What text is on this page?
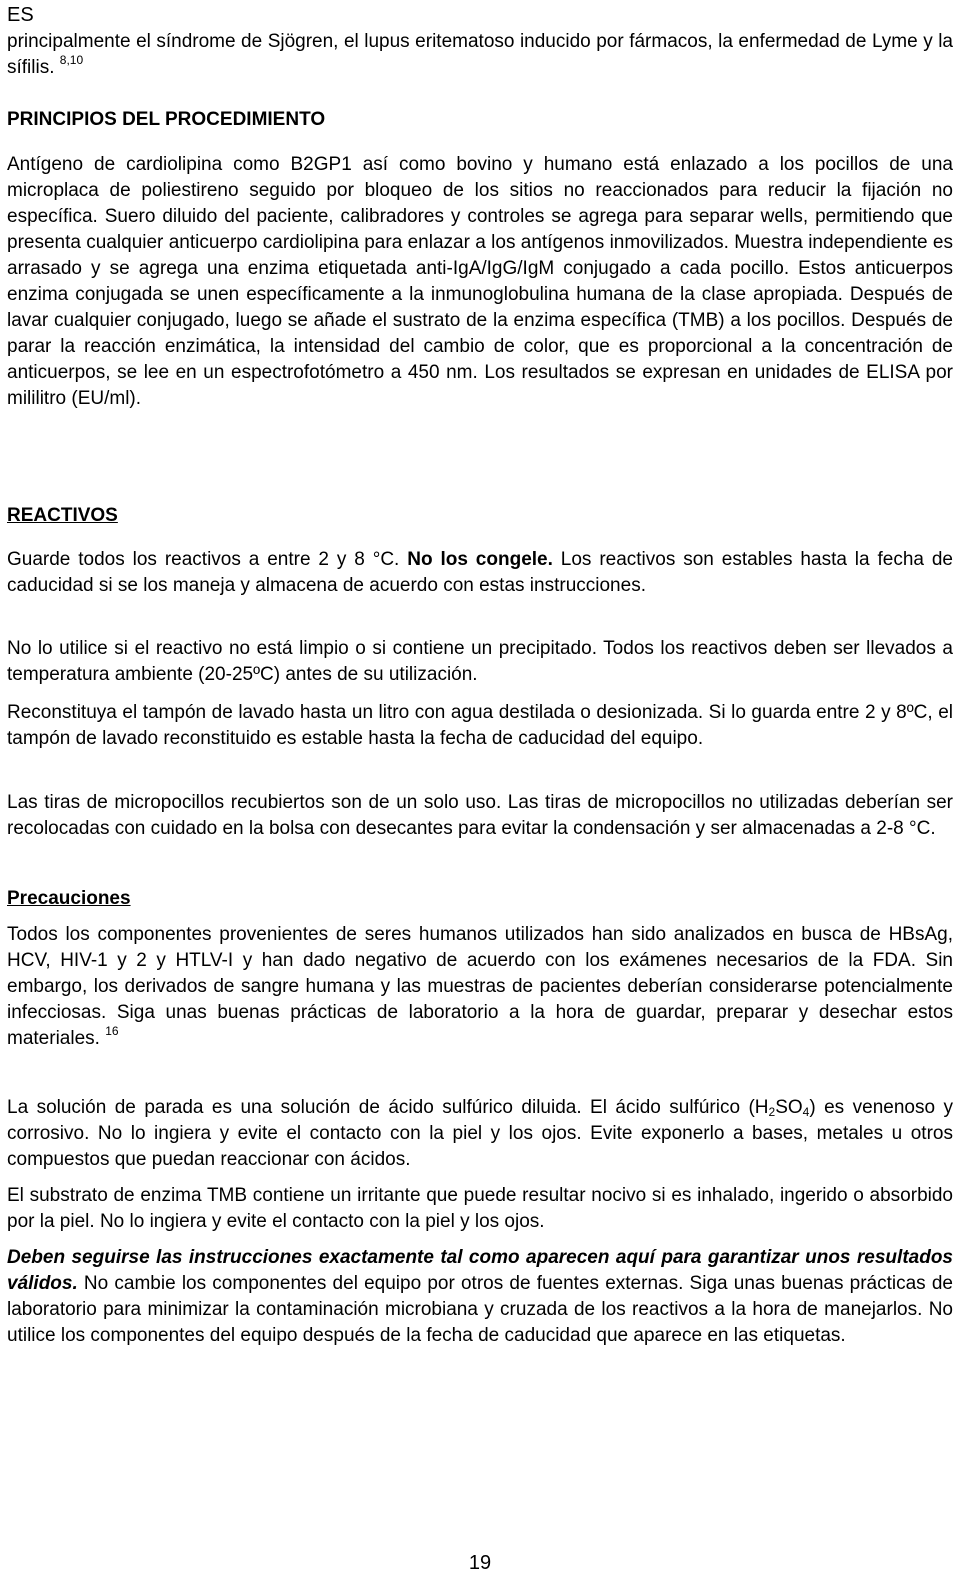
ES

principalmente el síndrome de Sjögren, el lupus eritematoso inducido por fármacos, la enfermedad de Lyme y la sífilis. $^{8,10}$

PRINCIPIOS DEL PROCEDIMIENTO

Antígeno de cardiolipina como B2GP1 así como bovino y humano está enlazado a los pocillos de una microplaca de poliestireno seguido por bloqueo de los sitios no reaccionados para reducir la fijación no específica. Suero diluido del paciente, calibradores y controles se agrega para separar wells, permitiendo que presenta cualquier anticuerpo cardiolipina para enlazar a los antígenos inmovilizados. Muestra independiente es arrasado y se agrega una enzima etiquetada anti-IgA/IgG/IgM conjugado a cada pocillo. Estos anticuerpos enzima conjugada se unen específicamente a la inmunoglobulina humana de la clase apropiada. Después de lavar cualquier conjugado, luego se añade el sustrato de la enzima específica (TMB) a los pocillos. Después de parar la reacción enzimática, la intensidad del cambio de color, que es proporcional a la concentración de anticuerpos, se lee en un espectrofotómetro a 450 nm. Los resultados se expresan en unidades de ELISA por mililitro (EU/ml).

REACTIVOS

Guarde todos los reactivos a entre 2 y 8 °C. No los congele. Los reactivos son estables hasta la fecha de caducidad si se los maneja y almacena de acuerdo con estas instrucciones.

No lo utilice si el reactivo no está limpio o si contiene un precipitado. Todos los reactivos deben ser llevados a temperatura ambiente (20-25ºC) antes de su utilización.

Reconstituya el tampón de lavado hasta un litro con agua destilada o desionizada. Si lo guarda entre 2 y 8ºC, el tampón de lavado reconstituido es estable hasta la fecha de caducidad del equipo.

Las tiras de micropocillos recubiertos son de un solo uso. Las tiras de micropocillos no utilizadas deberían ser recolocadas con cuidado en la bolsa con desecantes para evitar la condensación y ser almacenadas a 2-8 °C.

Precauciones

Todos los componentes provenientes de seres humanos utilizados han sido analizados en busca de HBsAg, HCV, HIV-1 y 2 y HTLV-I y han dado negativo de acuerdo con los exámenes necesarios de la FDA. Sin embargo, los derivados de sangre humana y las muestras de pacientes deberían considerarse potencialmente infecciosas. Siga unas buenas prácticas de laboratorio a la hora de guardar, preparar y desechar estos materiales. $^{16}$

La solución de parada es una solución de ácido sulfúrico diluida. El ácido sulfúrico $(H_2SO_4)$ es venenoso y corrosivo. No lo ingiera y evite el contacto con la piel y los ojos. Evite exponerlo a bases, metales u otros compuestos que puedan reaccionar con ácidos.

El substrato de enzima TMB contiene un irritante que puede resultar nocivo si es inhalado, ingerido o absorbido por la piel. No lo ingiera y evite el contacto con la piel y los ojos.

Deben seguirse las instrucciones exactamente tal como aparecen aquí para garantizar unos resultados válidos. No cambie los componentes del equipo por otros de fuentes externas. Siga unas buenas prácticas de laboratorio para minimizar la contaminación microbiana y cruzada de los reactivos a la hora de manejarlos. No utilice los componentes del equipo después de la fecha de caducidad que aparece en las etiquetas.

19
